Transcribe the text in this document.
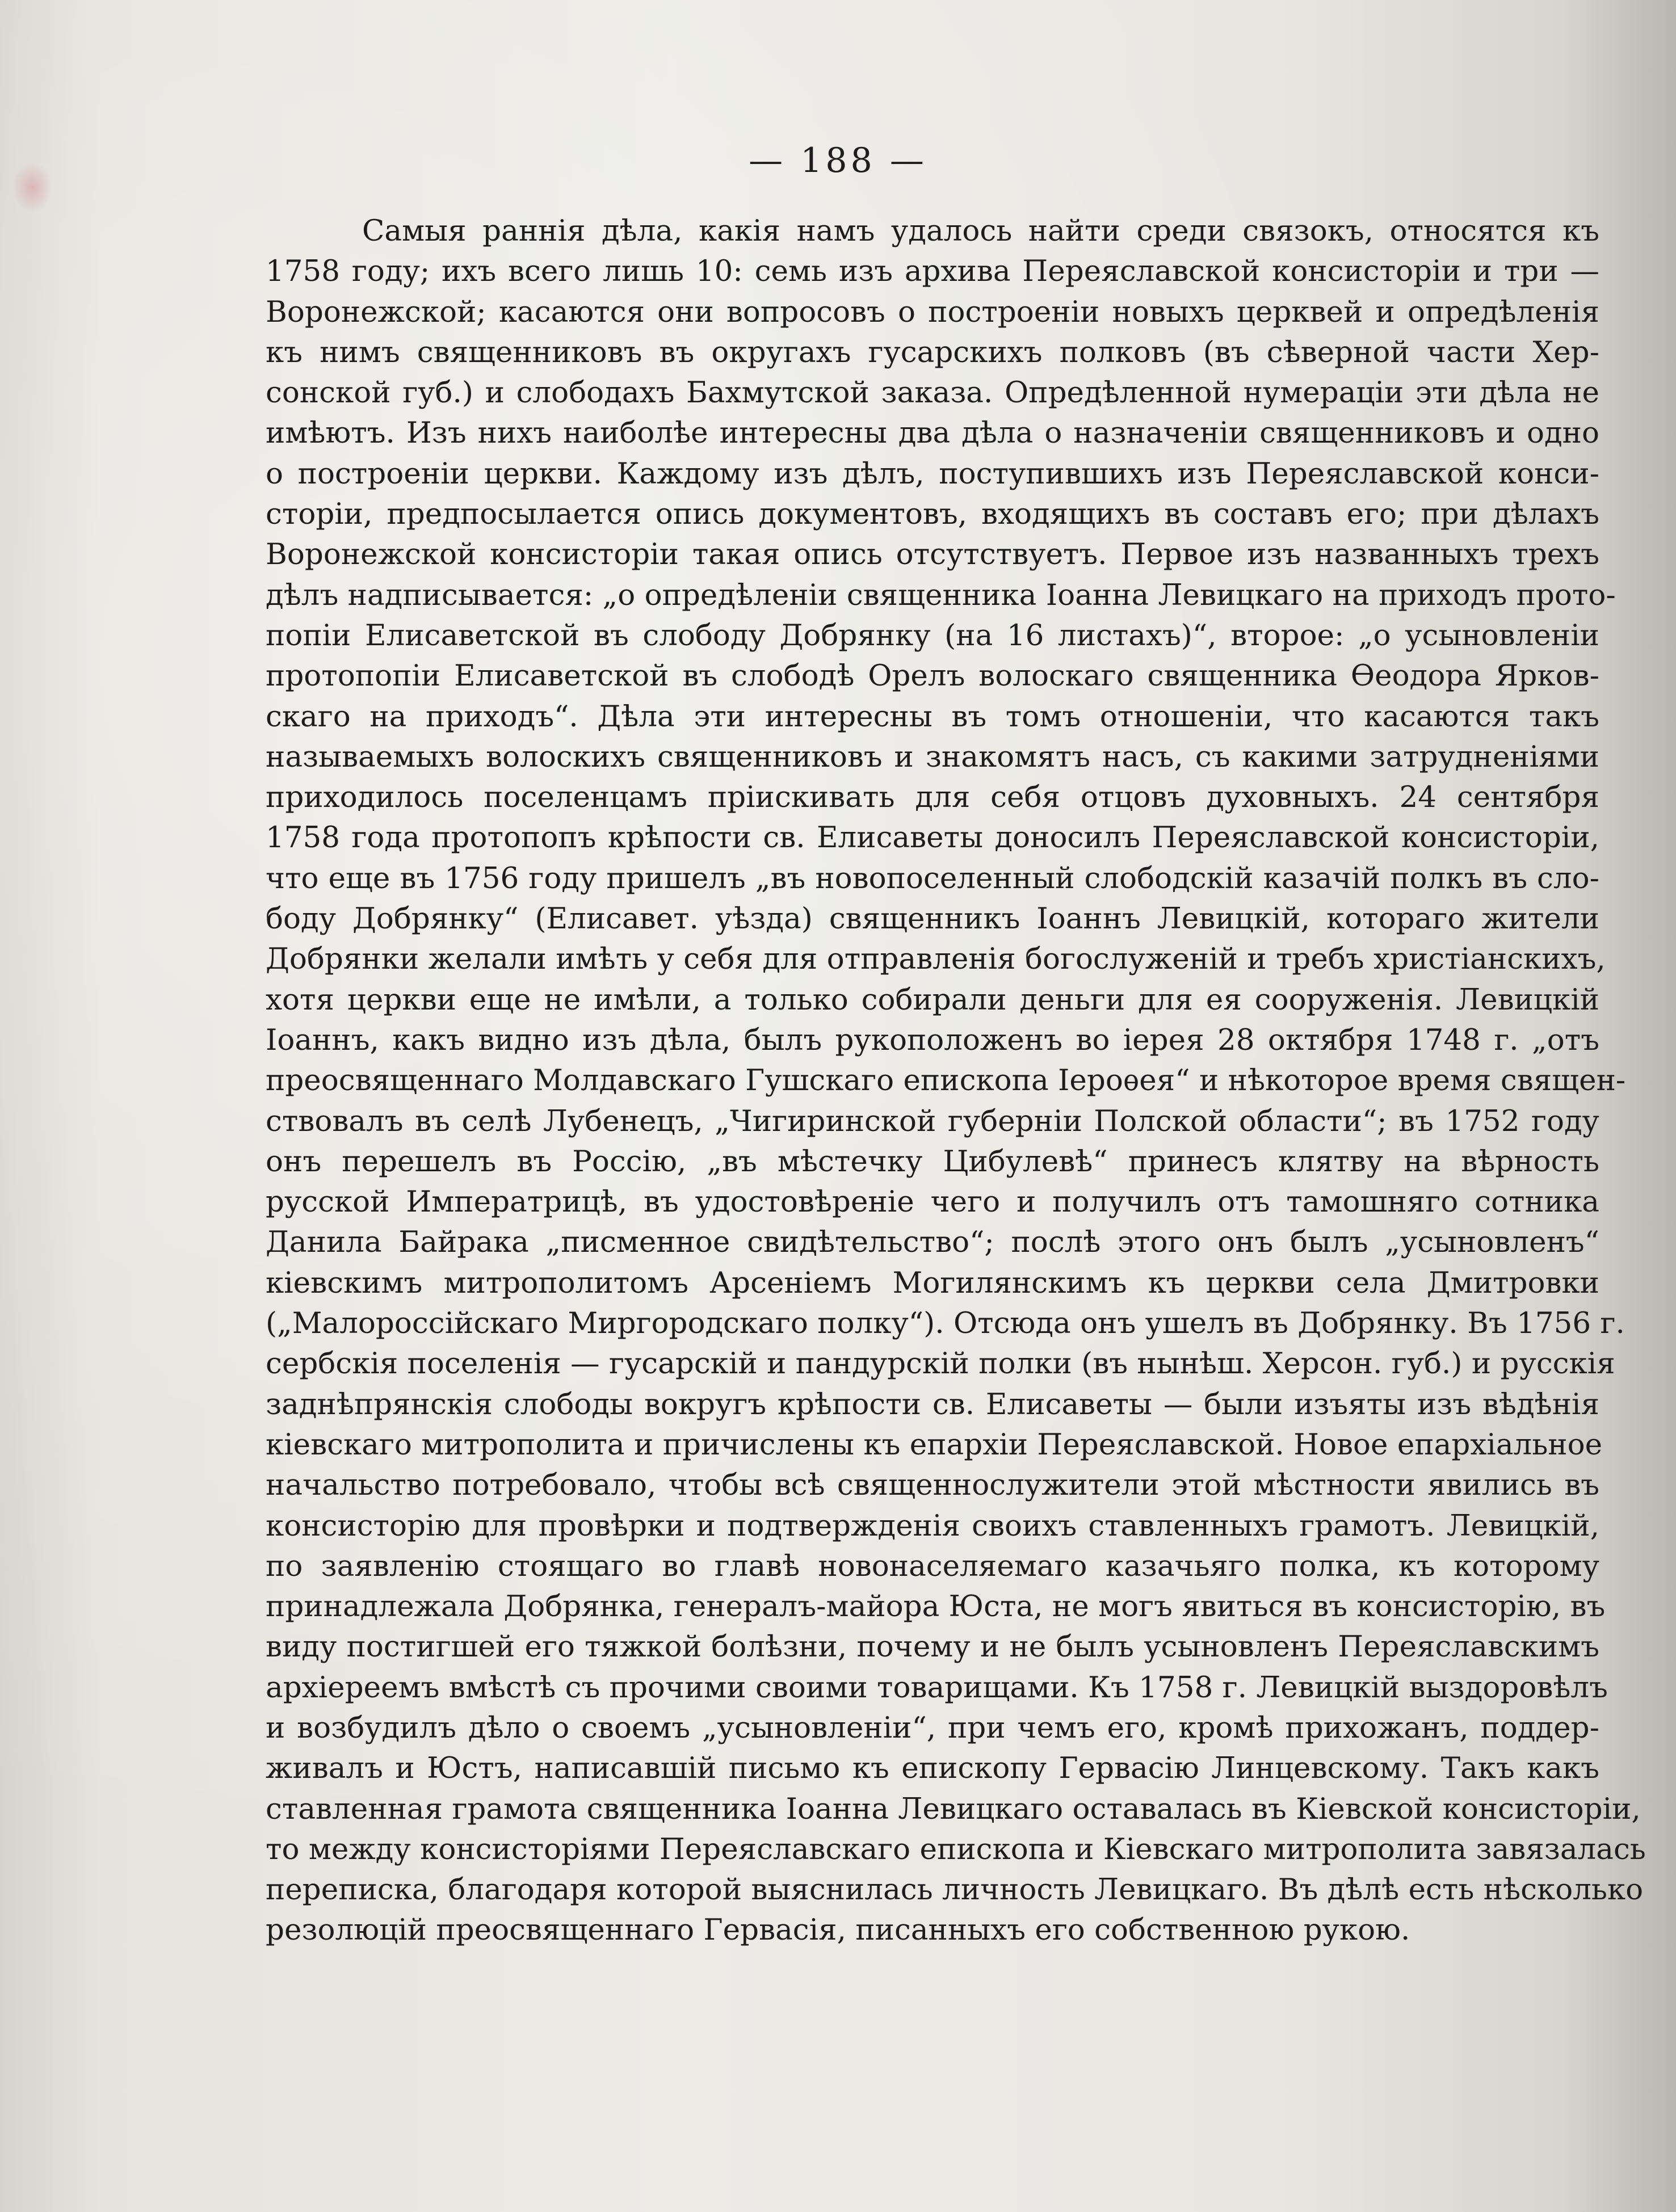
— 188 —
Самыя раннія дѣла, какія намъ удалось найти среди связокъ, относятся къ
1758 году; ихъ всего лишь 10: семь изъ архива Переяславской консисторіи и три —
Воронежской; касаются они вопросовъ о построеніи новыхъ церквей и опредѣленія
къ нимъ священниковъ въ округахъ гусарскихъ полковъ (въ сѣверной части Хер-
сонской губ.) и слободахъ Бахмутской заказа. Опредѣленной нумераціи эти дѣла не
имѣютъ. Изъ нихъ наиболѣе интересны два дѣла о назначеніи священниковъ и одно
о построеніи церкви. Каждому изъ дѣлъ, поступившихъ изъ Переяславской конси-
сторіи, предпосылается опись документовъ, входящихъ въ составъ его; при дѣлахъ
Воронежской консисторіи такая опись отсутствуетъ. Первое изъ названныхъ трехъ
дѣлъ надписывается: „о опредѣленіи священника Іоанна Левицкаго на приходъ прото-
попіи Елисаветской въ слободу Добрянку (на 16 листахъ)“, второе: „о усыновленіи
протопопіи Елисаветской въ слободѣ Орелъ волоскаго священника Ѳеодора Ярков-
скаго на приходъ“. Дѣла эти интересны въ томъ отношеніи, что касаются такъ
называемыхъ волоскихъ священниковъ и знакомятъ насъ, съ какими затрудненіями
приходилось поселенцамъ пріискивать для себя отцовъ духовныхъ. 24 сентября
1758 года протопопъ крѣпости св. Елисаветы доносилъ Переяславской консисторіи,
что еще въ 1756 году пришелъ „въ новопоселенный слободскій казачій полкъ въ сло-
боду Добрянку“ (Елисавет. уѣзда) священникъ Іоаннъ Левицкій, котораго жители
Добрянки желали имѣть у себя для отправленія богослуженій и требъ христіанскихъ,
хотя церкви еще не имѣли, а только собирали деньги для ея сооруженія. Левицкій
Іоаннъ, какъ видно изъ дѣла, былъ рукоположенъ во іерея 28 октября 1748 г. „отъ
преосвященнаго Молдавскаго Гушскаго епископа Іероѳея“ и нѣкоторое время священ-
ствовалъ въ селѣ Лубенецъ, „Чигиринской губерніи Полской области“; въ 1752 году
онъ перешелъ въ Россію, „въ мѣстечку Цибулевѣ“ принесъ клятву на вѣрность
русской Императрицѣ, въ удостовѣреніе чего и получилъ отъ тамошняго сотника
Данила Байрака „писменное свидѣтельство“; послѣ этого онъ былъ „усыновленъ“
кіевскимъ митрополитомъ Арсеніемъ Могилянскимъ къ церкви села Дмитровки
(„Малороссійскаго Миргородскаго полку“). Отсюда онъ ушелъ въ Добрянку. Въ 1756 г.
сербскія поселенія — гусарскій и пандурскій полки (въ нынѣш. Херсон. губ.) и русскія
заднѣпрянскія слободы вокругъ крѣпости св. Елисаветы — были изъяты изъ вѣдѣнія
кіевскаго митрополита и причислены къ епархіи Переяславской. Новое епархіальное
начальство потребовало, чтобы всѣ священнослужители этой мѣстности явились въ
консисторію для провѣрки и подтвержденія своихъ ставленныхъ грамотъ. Левицкій,
по заявленію стоящаго во главѣ новонаселяемаго казачьяго полка, къ которому
принадлежала Добрянка, генералъ-майора Юста, не могъ явиться въ консисторію, въ
виду постигшей его тяжкой болѣзни, почему и не былъ усыновленъ Переяславскимъ
архіереемъ вмѣстѣ съ прочими своими товарищами. Къ 1758 г. Левицкій выздоровѣлъ
и возбудилъ дѣло о своемъ „усыновленіи“, при чемъ его, кромѣ прихожанъ, поддер-
живалъ и Юстъ, написавшій письмо къ епископу Гервасію Линцевскому. Такъ какъ
ставленная грамота священника Іоанна Левицкаго оставалась въ Кіевской консисторіи,
то между консисторіями Переяславскаго епископа и Кіевскаго митрополита завязалась
переписка, благодаря которой выяснилась личность Левицкаго. Въ дѣлѣ есть нѣсколько
резолюцій преосвященнаго Гервасія, писанныхъ его собственною рукою.
